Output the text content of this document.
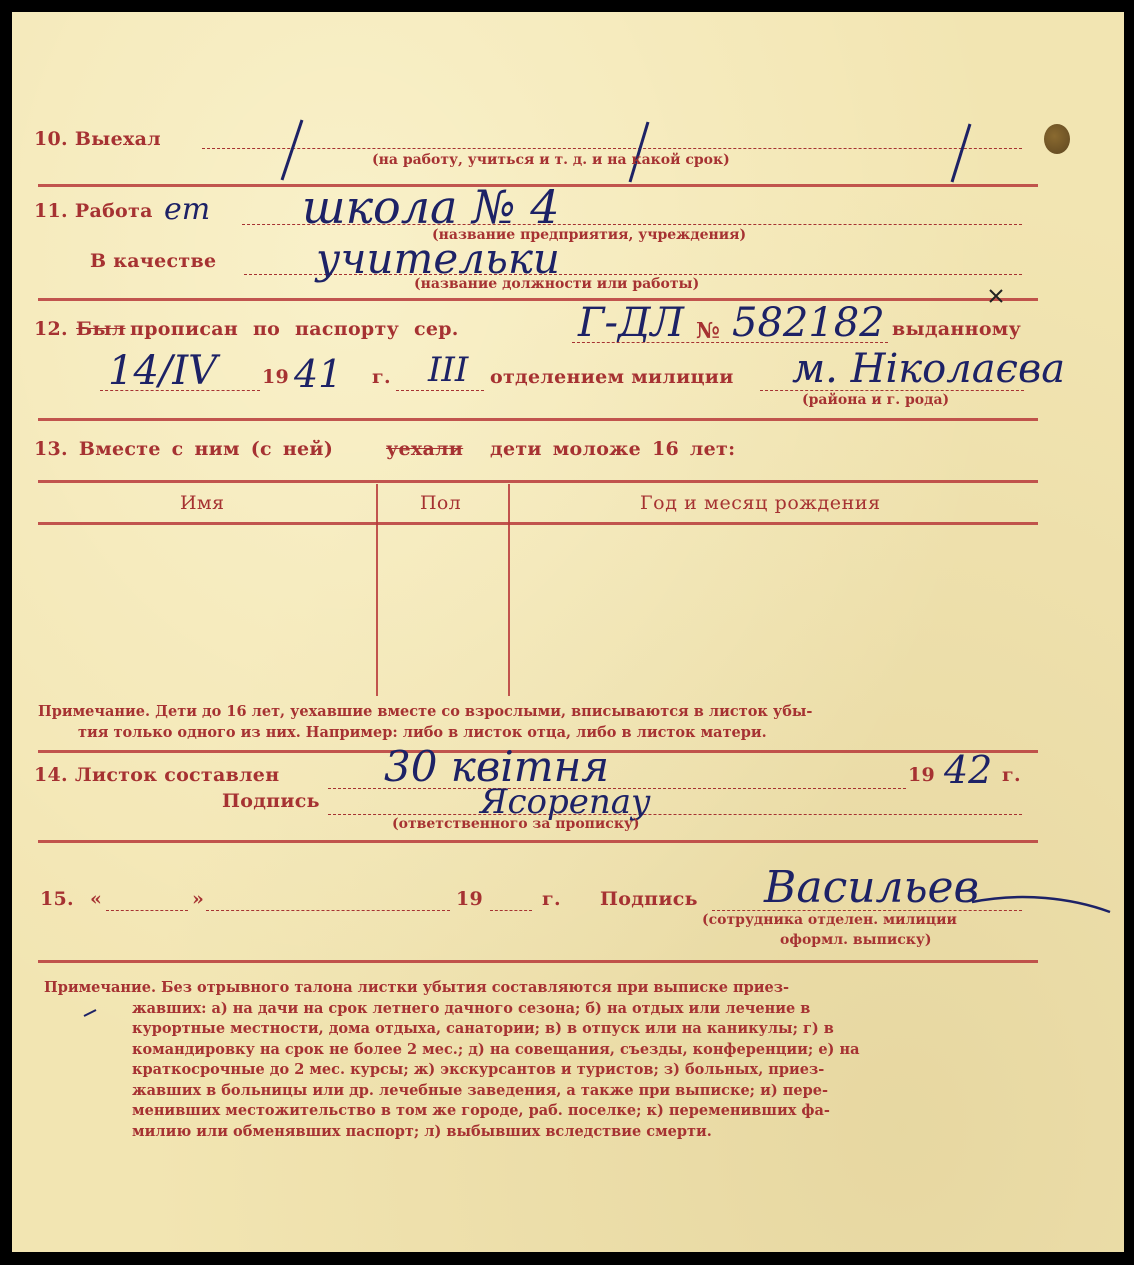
10. Выехал
(на работу, учиться и т. д. и на какой срок)
11. Работа ет школа № 4
(название предприятия, учреждения)
В качестве учительки
(название должности или работы)
12. Был прописан по паспорту сер.	Г-ДЛ № 582182 выданному
14/IV 19 41 г. III отделением милиции м. Ніколаєва
(района и г. рода)
13. Вместе с ним (с ней)	уехали дети моложе 16 лет:
Имя	Пол	Год и месяц рождения
Примечание. Дети до 16 лет, уехавшие вместе со взрослыми, вписываются в листок убы-
тия только одного из них. Например: либо в листок отца, либо в листок матери.
14. Листок составлен 30 квітня	19 42 г.
Подпись	Ясорепау
(ответственного за прописку)
15. «	»	19	г. Подпись Васильев
(сотрудника отделен. милиции
оформл. выписку)
Примечание. Без отрывного талона листки убытия составляются при выписке приез-
жавших: а) на дачи на срок летнего дачного сезона; б) на отдых или лечение в
курортные местности, дома отдыха, санатории; в) в отпуск или на каникулы; г) в
командировку на срок не более 2 мес.; д) на совещания, съезды, конференции; е) на
краткосрочные до 2 мес. курсы; ж) экскурсантов и туристов; з) больных, приез-
жавших в больницы или др. лечебные заведения, а также при выписке; и) пере-
менивших местожительство в том же городе, раб. поселке; к) переменивших фа-
милию или обменявших паспорт; л) выбывших вследствие смерти.
